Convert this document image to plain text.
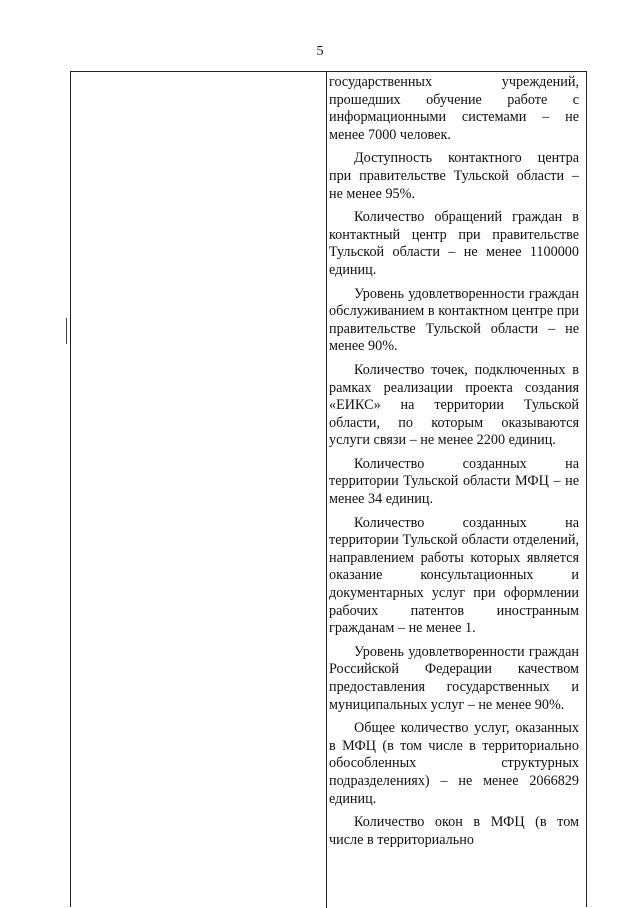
5

государственных учреждений, прошедших обучение работе с информационными системами – не менее 7000 человек.

Доступность контактного центра при правительстве Тульской области – не менее 95%.

Количество обращений граждан в контактный центр при правительстве Тульской области – не менее 1100000 единиц.

Уровень удовлетворенности граждан обслуживанием в контактном центре при правительстве Тульской области – не менее 90%.

Количество точек, подключенных в рамках реализации проекта создания «ЕИКС» на территории Тульской области, по которым оказываются услуги связи – не менее 2200 единиц.

Количество созданных на территории Тульской области МФЦ – не менее 34 единиц.

Количество созданных на территории Тульской области отделений, направлением работы которых является оказание консультационных и документарных услуг при оформлении рабочих патентов иностранным гражданам – не менее 1.

Уровень удовлетворенности граждан Российской Федерации качеством предоставления государственных и муниципальных услуг – не менее 90%.

Общее количество услуг, оказанных в МФЦ (в том числе в территориально обособленных структурных подразделениях) – не менее 2066829 единиц.

Количество окон в МФЦ (в том числе в территориально
